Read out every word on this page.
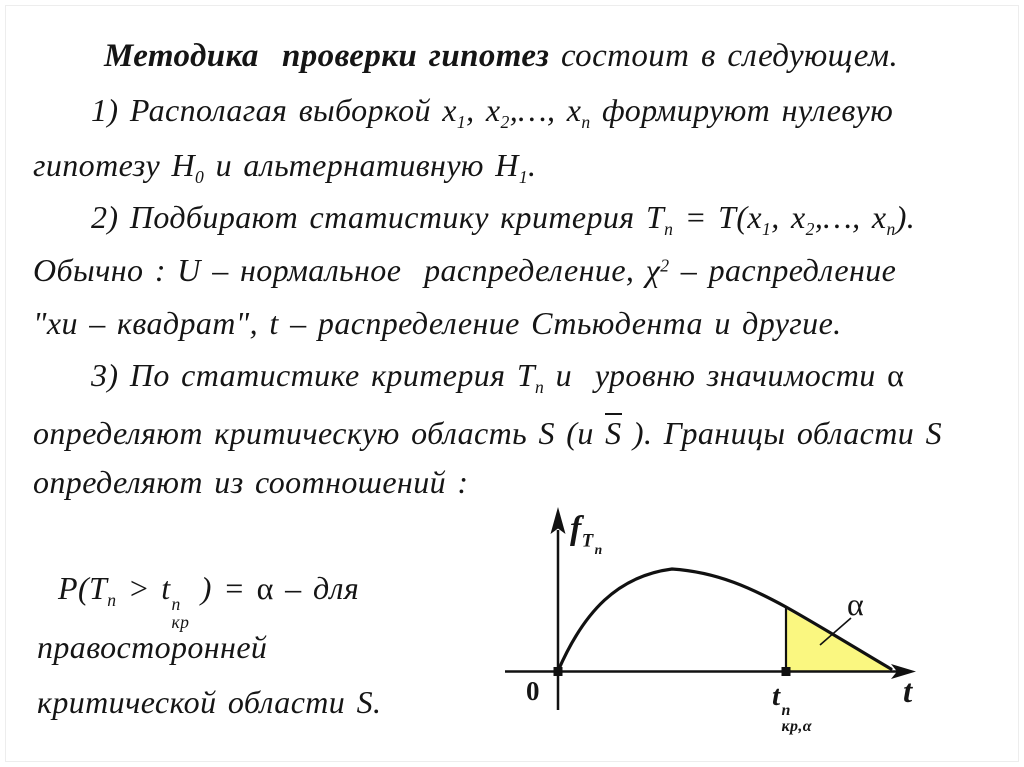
Методика  проверки гипотез состоит в следующем.
1) Располагая выборкой $x_1$, $x_2,\dots$, $x_n$ формируют нулевую
гипотезу $H_0$ и альтернативную $H_1$.
2) Подбирают статистику критерия $T_n = T(x_1$, $x_2,\dots$, $x_n$).
Обычно : U – нормальное  распределение, $\chi^2$ – распредление
"хи – квадрат", t – распределение Стьюдента и другие.
3) По статистике критерия $T_n$ и  уровню значимости α
определяют критическую область S (и S ). Границы области S
определяют из соотношений :
$P(T_n > t$ n
кр
) = α – для
правосторонней
критической области S.
$f_{Tn}$
0	t n
кр,α
t
α
